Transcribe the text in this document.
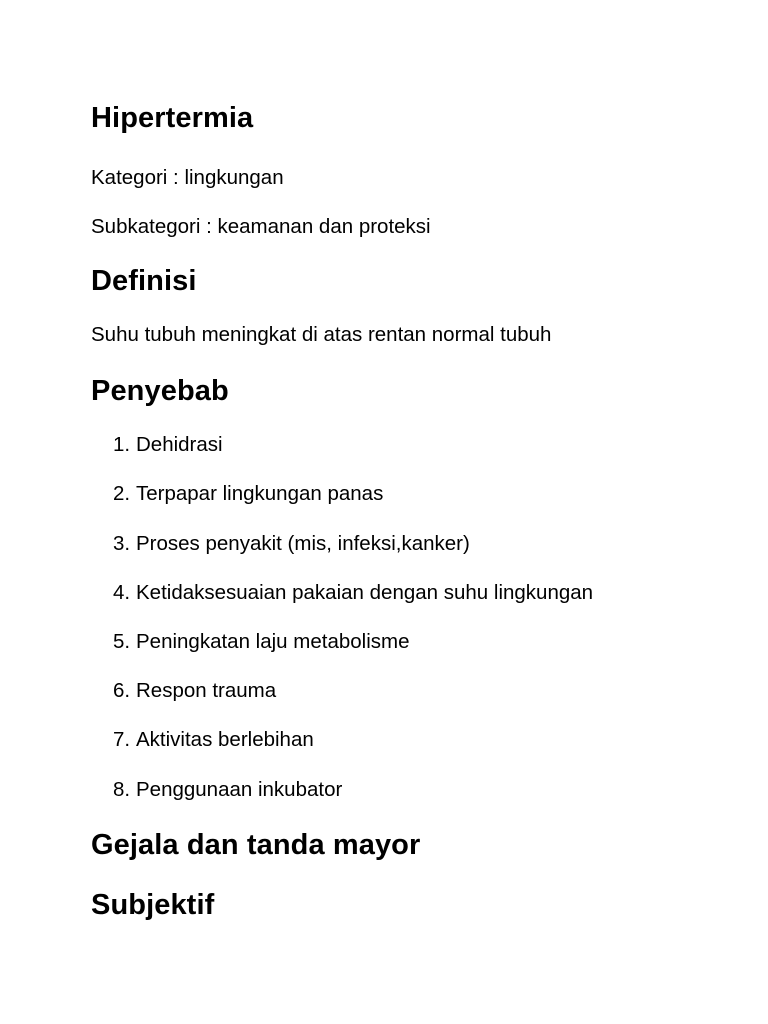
Hipertermia

Kategori : lingkungan

Subkategori : keamanan dan proteksi

Definisi

Suhu tubuh meningkat di atas rentan normal tubuh

Penyebab

1. Dehidrasi

2. Terpapar lingkungan panas

3. Proses penyakit (mis, infeksi,kanker)

4. Ketidaksesuaian pakaian dengan suhu lingkungan

5. Peningkatan laju metabolisme

6. Respon trauma

7. Aktivitas berlebihan

8. Penggunaan inkubator

Gejala dan tanda mayor
Subjektif
